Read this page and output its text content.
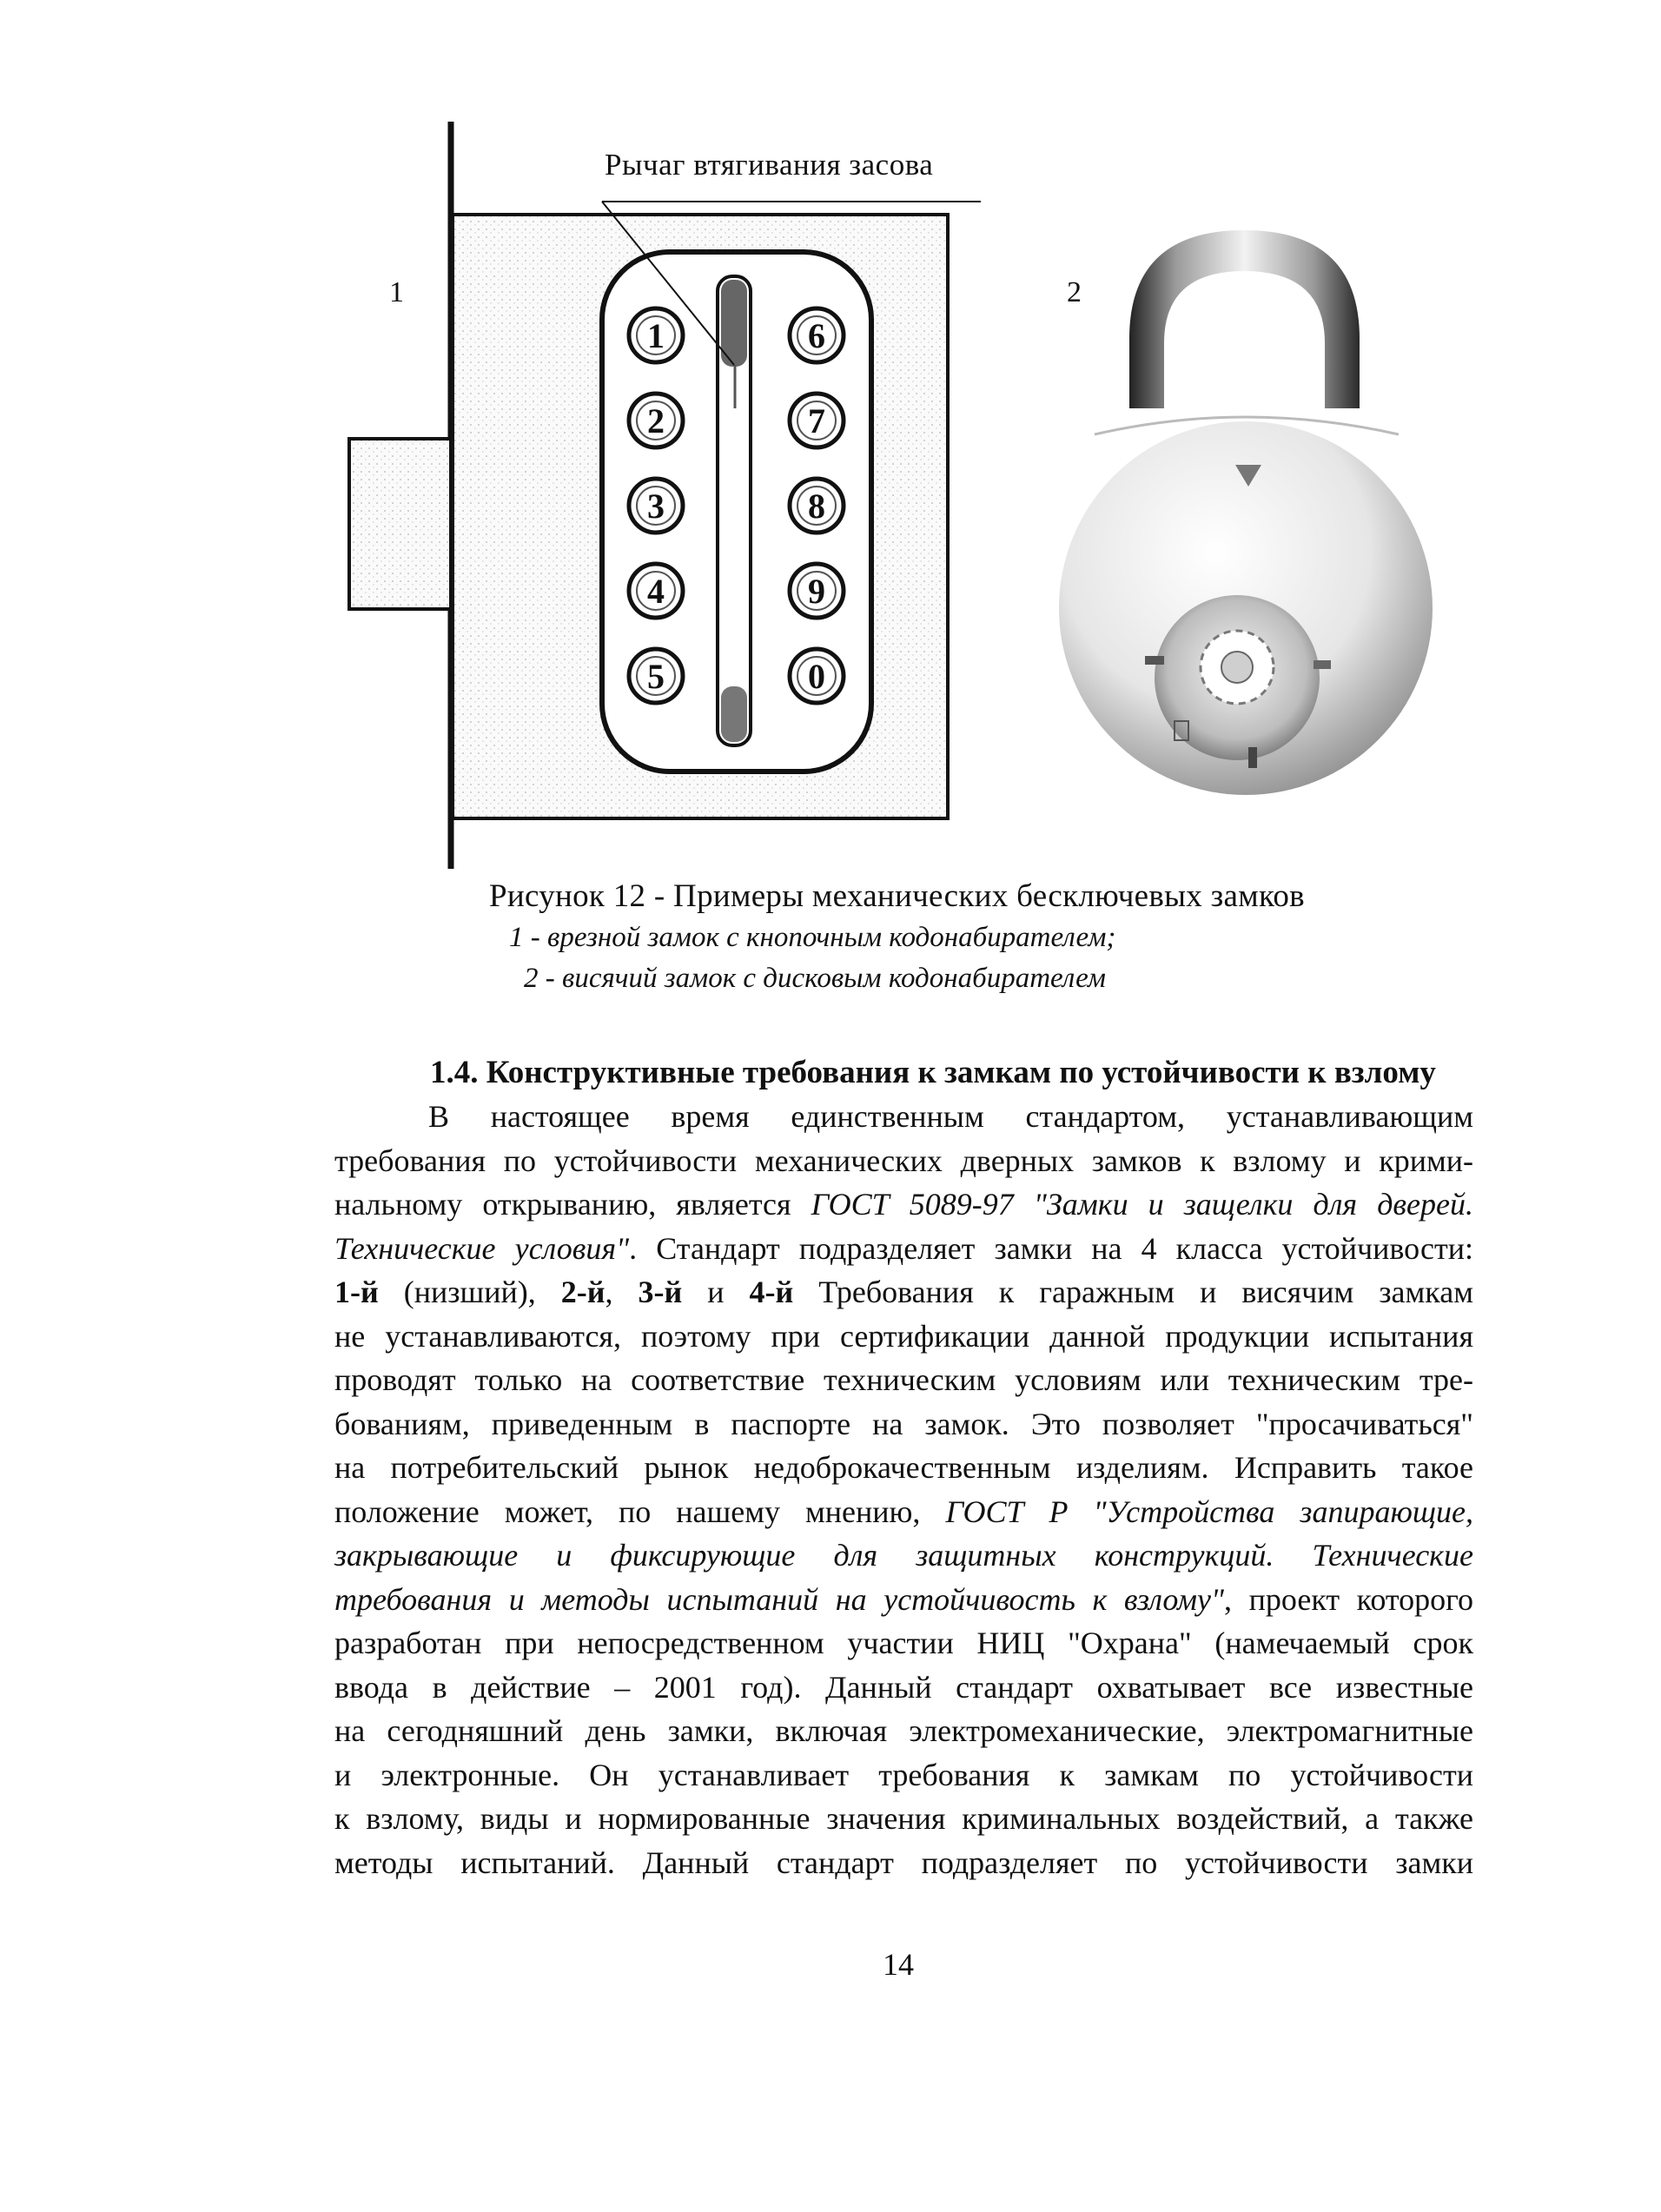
1
2
3
4
5
6
7
8
9
0
Рычаг втягивания засова
1	2
Рисунок 12 - Примеры механических бесключевых замков
1 - врезной замок с кнопочным кодонабирателем;
2 - висячий замок с дисковым кодонабирателем
1.4. Конструктивные требования к замкам по устойчивости к взлому
В настоящее время единственным стандартом, устанавливающим
требования по устойчивости механических дверных замков к взлому и крими-
нальному открыванию, является ГОСТ 5089-97 "Замки и защелки для дверей.
Технические условия". Стандарт подразделяет замки на 4 класса устойчивости:
1-й (низший), 2-й, 3-й и 4-й Требования к гаражным и висячим замкам
не устанавливаются, поэтому при сертификации данной продукции испытания
проводят только на соответствие техническим условиям или техническим тре-
бованиям, приведенным в паспорте на замок. Это позволяет "просачиваться"
на потребительский рынок недоброкачественным изделиям. Исправить такое
положение может, по нашему мнению, ГОСТ Р "Устройства запирающие,
закрывающие и фиксирующие для защитных конструкций. Технические
требования и методы испытаний на устойчивость к взлому", проект которого
разработан при непосредственном участии НИЦ "Охрана" (намечаемый срок
ввода в действие – 2001 год). Данный стандарт охватывает все известные
на сегодняшний день замки, включая электромеханические, электромагнитные
и электронные. Он устанавливает требования к замкам по устойчивости
к взлому, виды и нормированные значения криминальных воздействий, а также
методы испытаний. Данный стандарт подразделяет по устойчивости замки
14
